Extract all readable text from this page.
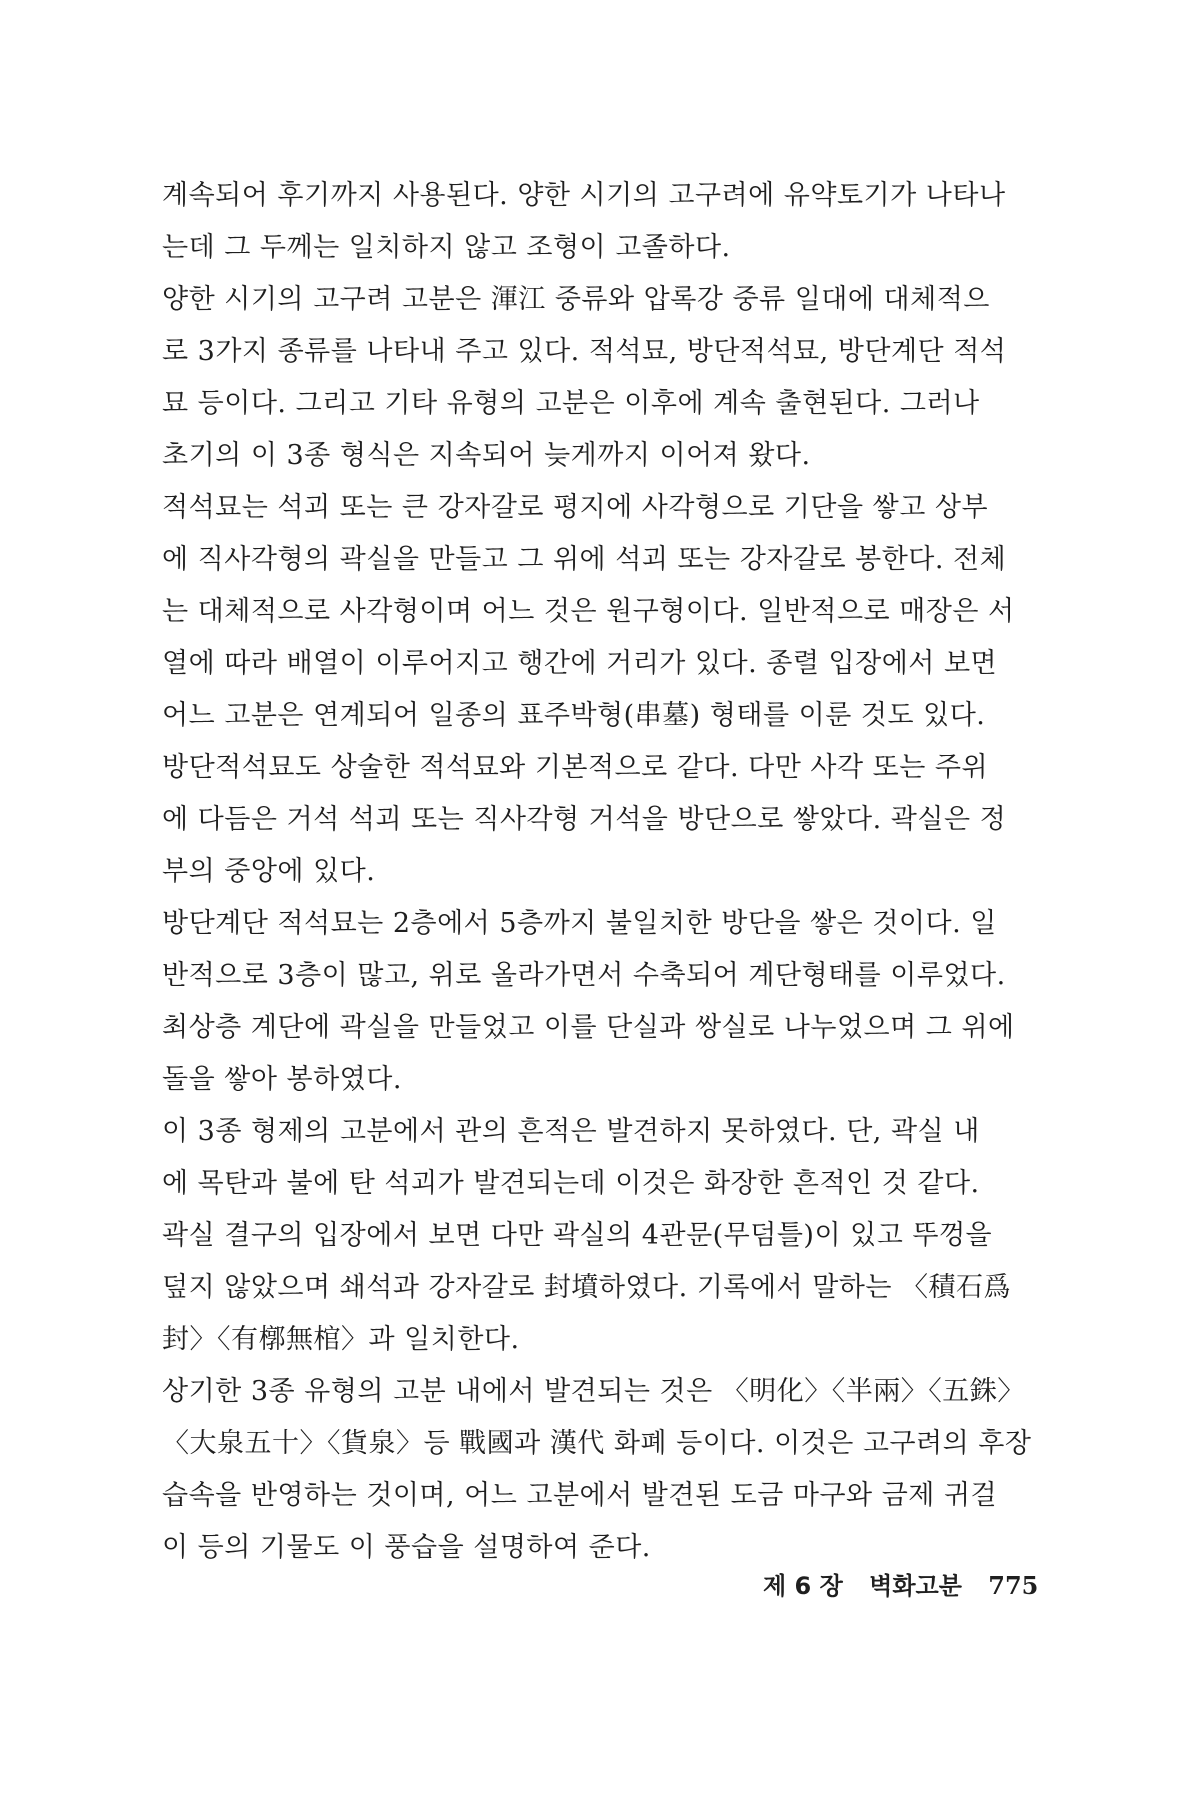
계속되어 후기까지 사용된다. 양한 시기의 고구려에 유약토기가 나타나
는데 그 두께는 일치하지 않고 조형이 고졸하다.
양한 시기의 고구려 고분은 渾江 중류와 압록강 중류 일대에 대체적으
로 3가지 종류를 나타내 주고 있다. 적석묘, 방단적석묘, 방단계단 적석
묘 등이다. 그리고 기타 유형의 고분은 이후에 계속 출현된다. 그러나
초기의 이 3종 형식은 지속되어 늦게까지 이어져 왔다.
적석묘는 석괴 또는 큰 강자갈로 평지에 사각형으로 기단을 쌓고 상부
에 직사각형의 곽실을 만들고 그 위에 석괴 또는 강자갈로 봉한다. 전체
는 대체적으로 사각형이며 어느 것은 원구형이다. 일반적으로 매장은 서
열에 따라 배열이 이루어지고 행간에 거리가 있다. 종렬 입장에서 보면
어느 고분은 연계되어 일종의 표주박형(串墓) 형태를 이룬 것도 있다.
방단적석묘도 상술한 적석묘와 기본적으로 같다. 다만 사각 또는 주위
에 다듬은 거석 석괴 또는 직사각형 거석을 방단으로 쌓았다. 곽실은 정
부의 중앙에 있다.
방단계단 적석묘는 2층에서 5층까지 불일치한 방단을 쌓은 것이다. 일
반적으로 3층이 많고, 위로 올라가면서 수축되어 계단형태를 이루었다.
최상층 계단에 곽실을 만들었고 이를 단실과 쌍실로 나누었으며 그 위에
돌을 쌓아 봉하였다.
이 3종 형제의 고분에서 관의 흔적은 발견하지 못하였다. 단, 곽실 내
에 목탄과 불에 탄 석괴가 발견되는데 이것은 화장한 흔적인 것 같다.
곽실 결구의 입장에서 보면 다만 곽실의 4관문(무덤틀)이 있고 뚜껑을
덮지 않았으며 쇄석과 강자갈로 封墳하였다. 기록에서 말하는 〈積石爲
封〉〈有槨無棺〉과 일치한다.
상기한 3종 유형의 고분 내에서 발견되는 것은 〈明化〉〈半兩〉〈五銖〉
〈大泉五十〉〈貨泉〉등 戰國과 漢代 화폐 등이다. 이것은 고구려의 후장
습속을 반영하는 것이며, 어느 고분에서 발견된 도금 마구와 금제 귀걸
이 등의 기물도 이 풍습을 설명하여 준다.
제 6 장 벽화고분 775
